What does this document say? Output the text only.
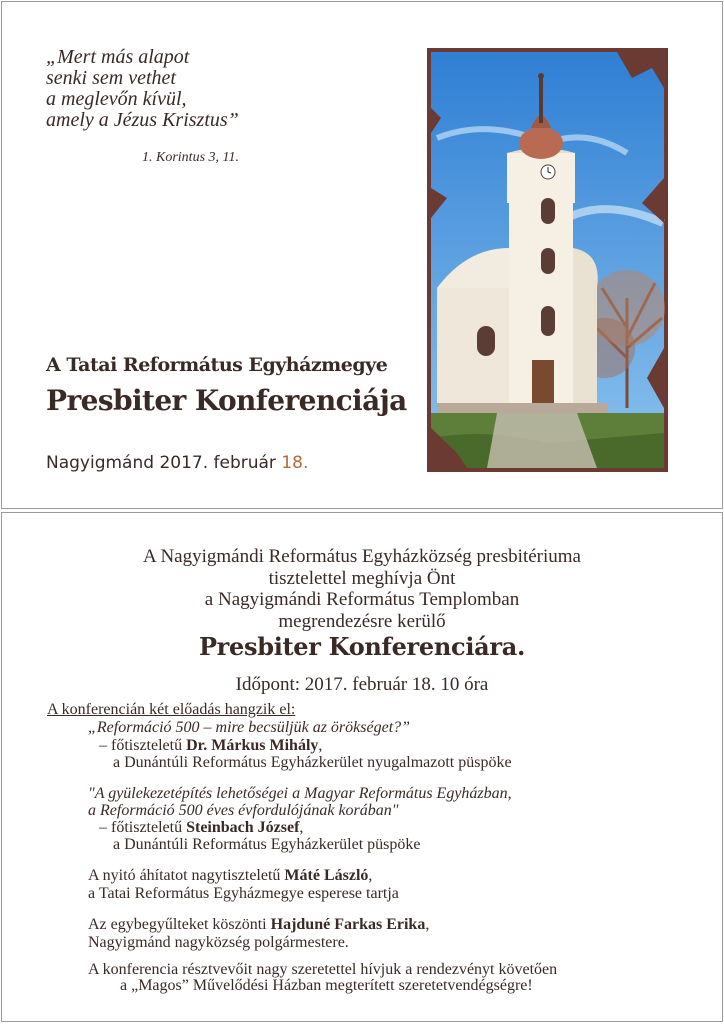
„Mert más alapot
senki sem vethet
a meglevőn kívül,
amely a Jézus Krisztus”
1. Korintus 3, 11.
A Tatai Református Egyházmegye
Presbiter Konferenciája
Nagyigmánd 2017. február 18.
A Nagyigmándi Református Egyházközség presbitériuma
tisztelettel meghívja Önt
a Nagyigmándi Református Templomban
megrendezésre kerülő
Presbiter Konferenciára.
Időpont: 2017. február 18. 10 óra
A konferencián két előadás hangzik el:
„Reformáció 500 – mire becsüljük az örökséget?”
– főtiszteletű Dr. Márkus Mihály,
a Dunántúli Református Egyházkerület nyugalmazott püspöke
"A gyülekezetépítés lehetőségei a Magyar Református Egyházban,
a Reformáció 500 éves évfordulójának korában"
– főtiszteletű Steinbach József,
a Dunántúli Református Egyházkerület püspöke
A nyitó áhítatot nagytiszteletű Máté László,
a Tatai Református Egyházmegye esperese tartja
Az egybegyűlteket köszönti Hajduné Farkas Erika,
Nagyigmánd nagyközség polgármestere.
A konferencia résztvevőit nagy szeretettel hívjuk a rendezvényt követően
a „Magos” Művelődési Házban megterített szeretetvendégségre!
